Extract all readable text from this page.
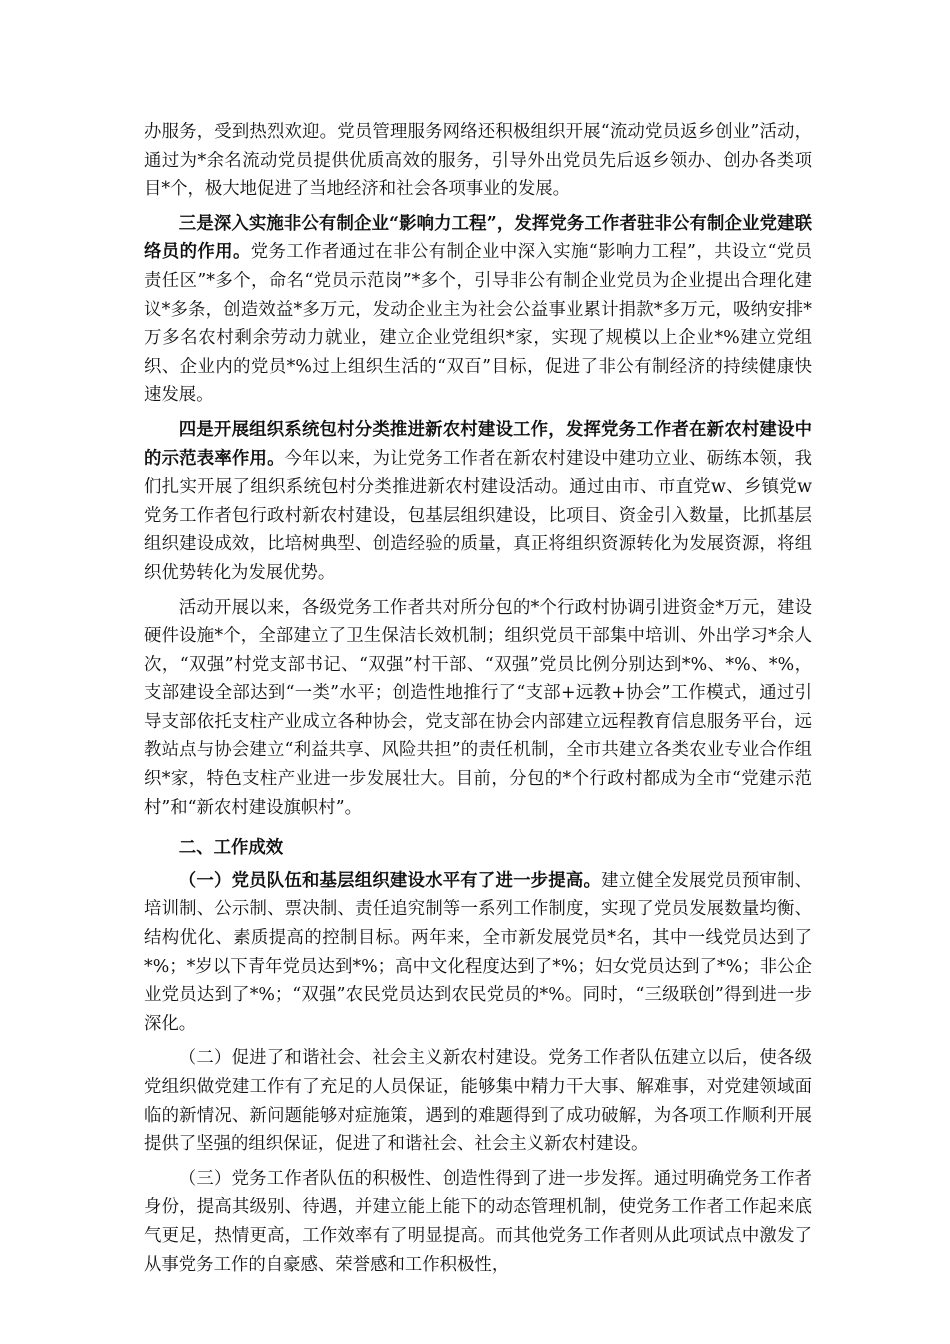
办服务，受到热烈欢迎。党员管理服务网络还积极组织开展“流动党员返乡创业”活动，通过为*余名流动党员提供优质高效的服务，引导外出党员先后返乡领办、创办各类项目*个，极大地促进了当地经济和社会各项事业的发展。

三是深入实施非公有制企业“影响力工程”，发挥党务工作者驻非公有制企业党建联络员的作用。党务工作者通过在非公有制企业中深入实施“影响力工程”，共设立“党员责任区”*多个，命名“党员示范岗”*多个，引导非公有制企业党员为企业提出合理化建议*多条，创造效益*多万元，发动企业主为社会公益事业累计捐款*多万元，吸纳安排*万多名农村剩余劳动力就业，建立企业党组织*家，实现了规模以上企业*%建立党组织、企业内的党员*%过上组织生活的“双百”目标，促进了非公有制经济的持续健康快速发展。

四是开展组织系统包村分类推进新农村建设工作，发挥党务工作者在新农村建设中的示范表率作用。今年以来，为让党务工作者在新农村建设中建功立业、砺练本领，我们扎实开展了组织系统包村分类推进新农村建设活动。通过由市、市直党w、乡镇党w党务工作者包行政村新农村建设，包基层组织建设，比项目、资金引入数量，比抓基层组织建设成效，比培树典型、创造经验的质量，真正将组织资源转化为发展资源，将组织优势转化为发展优势。

活动开展以来，各级党务工作者共对所分包的*个行政村协调引进资金*万元，建设硬件设施*个，全部建立了卫生保洁长效机制；组织党员干部集中培训、外出学习*余人次，“双强”村党支部书记、“双强”村干部、“双强”党员比例分别达到*%、*%、*%，支部建设全部达到“一类”水平；创造性地推行了“支部+远教+协会”工作模式，通过引导支部依托支柱产业成立各种协会，党支部在协会内部建立远程教育信息服务平台，远教站点与协会建立“利益共享、风险共担”的责任机制，全市共建立各类农业专业合作组织*家，特色支柱产业进一步发展壮大。目前，分包的*个行政村都成为全市“党建示范村”和“新农村建设旗帜村”。

二、工作成效

（一）党员队伍和基层组织建设水平有了进一步提高。建立健全发展党员预审制、培训制、公示制、票决制、责任追究制等一系列工作制度，实现了党员发展数量均衡、结构优化、素质提高的控制目标。两年来，全市新发展党员*名，其中一线党员达到了*%；*岁以下青年党员达到*%；高中文化程度达到了*%；妇女党员达到了*%；非公企业党员达到了*%；“双强”农民党员达到农民党员的*%。同时，“三级联创”得到进一步深化。

（二）促进了和谐社会、社会主义新农村建设。党务工作者队伍建立以后，使各级党组织做党建工作有了充足的人员保证，能够集中精力干大事、解难事，对党建领域面临的新情况、新问题能够对症施策，遇到的难题得到了成功破解，为各项工作顺利开展提供了坚强的组织保证，促进了和谐社会、社会主义新农村建设。

（三）党务工作者队伍的积极性、创造性得到了进一步发挥。通过明确党务工作者身份，提高其级别、待遇，并建立能上能下的动态管理机制，使党务工作者工作起来底气更足，热情更高，工作效率有了明显提高。而其他党务工作者则从此项试点中激发了从事党务工作的自豪感、荣誉感和工作积极性，
